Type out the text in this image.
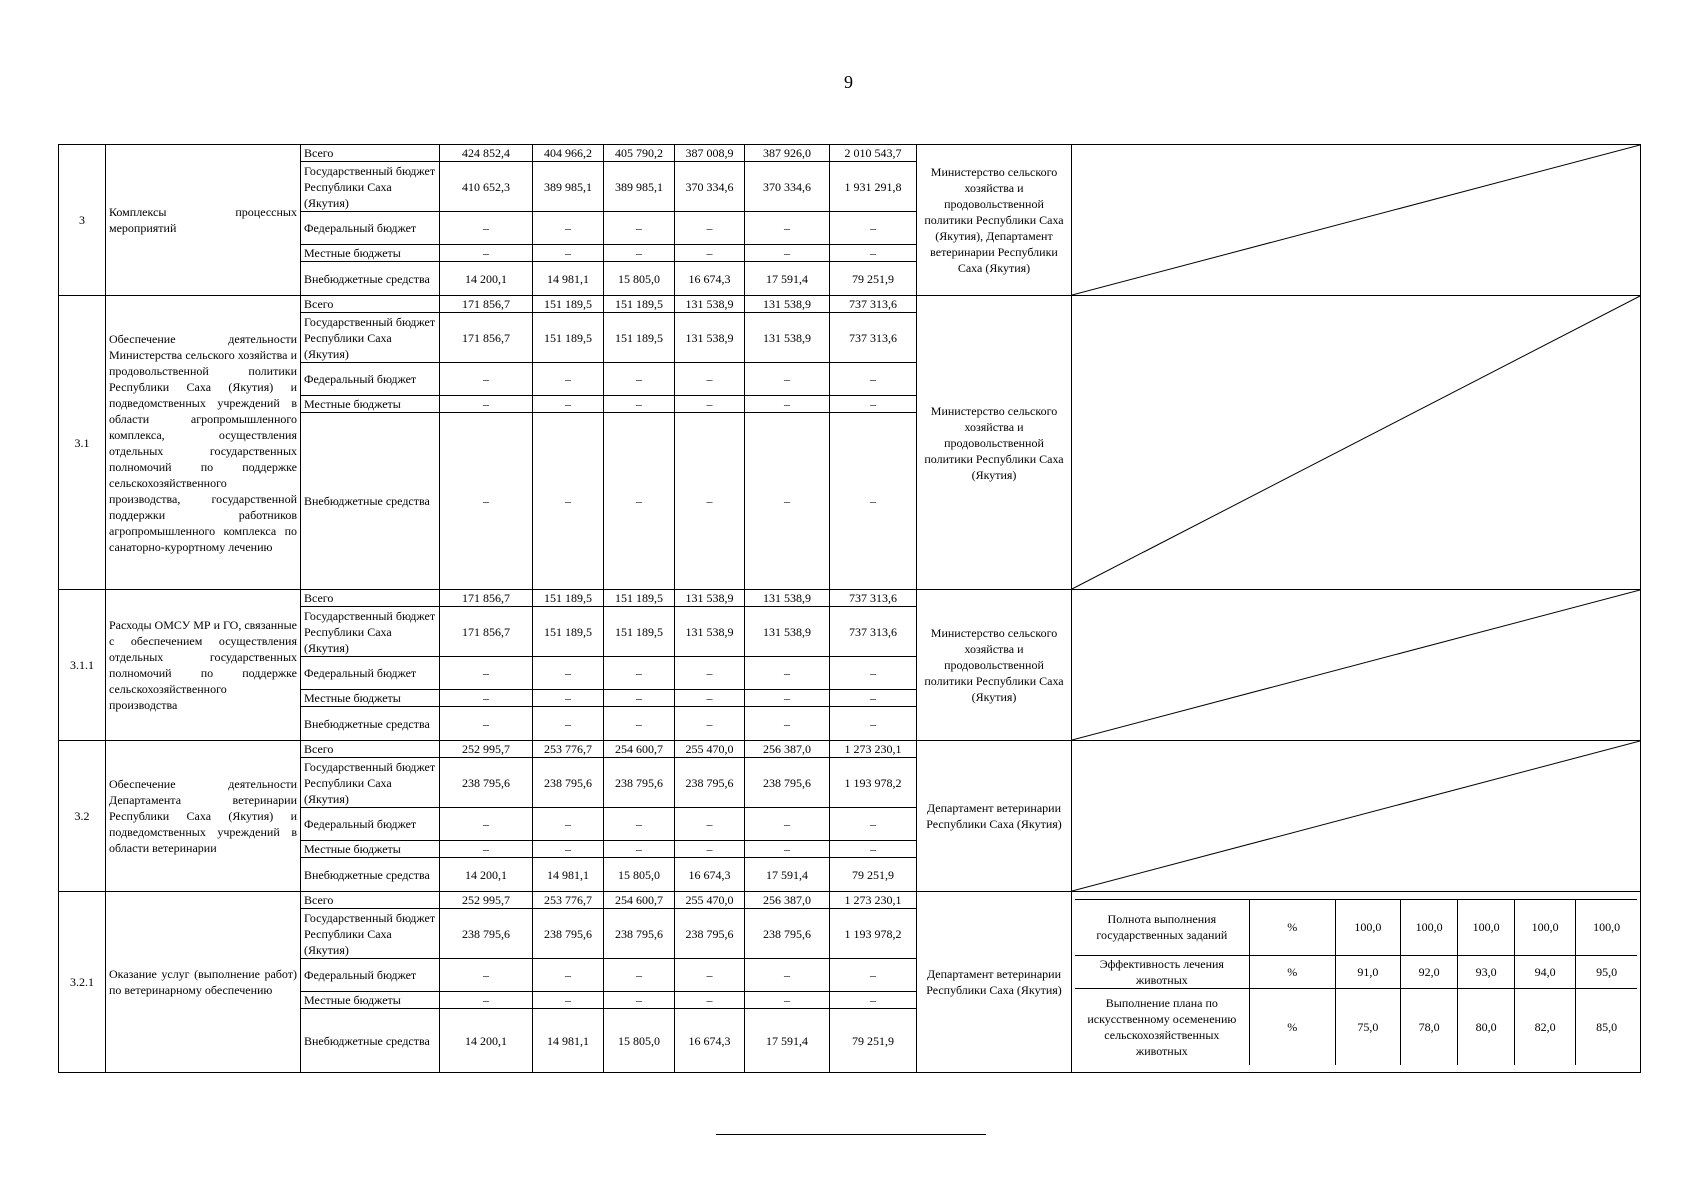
9
3	Комплексы процессных мероприятий	Всего	424 852,4	404 966,2	405 790,2	387 008,9	387 926,0	2 010 543,7	Министерство сельского хозяйства и продовольственной политики Республики Саха (Якутия), Департамент ветеринарии Республики Саха (Якутия)	

Государственный бюджет Республики Саха (Якутия)	410 652,3	389 985,1	389 985,1	370 334,6	370 334,6	1 931 291,8
Федеральный бюджет	–	–	–	–	–	–
Местные бюджеты	–	–	–	–	–	–
Внебюджетные средства	14 200,1	14 981,1	15 805,0	16 674,3	17 591,4	79 251,9
3.1	Обеспечение деятельности Министерства сельского хозяйства и продовольственной политики Республики Саха (Якутия) и подведомственных учреждений в области агропромышленного комплекса, осуществления отдельных государственных полномочий по поддержке сельскохозяйственного производства, государственной поддержки работников агропромышленного комплекса по санаторно-курортному лечению	Всего	171 856,7	151 189,5	151 189,5	131 538,9	131 538,9	737 313,6	Министерство сельского хозяйства и продовольственной политики Республики Саха (Якутия)	

Государственный бюджет Республики Саха (Якутия)	171 856,7	151 189,5	151 189,5	131 538,9	131 538,9	737 313,6
Федеральный бюджет	–	–	–	–	–	–
Местные бюджеты	–	–	–	–	–	–
Внебюджетные средства	–	–	–	–	–	–
3.1.1	Расходы ОМСУ МР и ГО, связанные с обеспечением осуществления отдельных государственных полномочий по поддержке сельскохозяйственного производства	Всего	171 856,7	151 189,5	151 189,5	131 538,9	131 538,9	737 313,6	Министерство сельского хозяйства и продовольственной политики Республики Саха (Якутия)	

Государственный бюджет Республики Саха (Якутия)	171 856,7	151 189,5	151 189,5	131 538,9	131 538,9	737 313,6
Федеральный бюджет	–	–	–	–	–	–
Местные бюджеты	–	–	–	–	–	–
Внебюджетные средства	–	–	–	–	–	–
3.2	Обеспечение деятельности Департамента ветеринарии Республики Саха (Якутия) и подведомственных учреждений в области ветеринарии	Всего	252 995,7	253 776,7	254 600,7	255 470,0	256 387,0	1 273 230,1	Департамент ветеринарии Республики Саха (Якутия)	

Государственный бюджет Республики Саха (Якутия)	238 795,6	238 795,6	238 795,6	238 795,6	238 795,6	1 193 978,2
Федеральный бюджет	–	–	–	–	–	–
Местные бюджеты	–	–	–	–	–	–
Внебюджетные средства	14 200,1	14 981,1	15 805,0	16 674,3	17 591,4	79 251,9
3.2.1	Оказание услуг (выполнение работ) по ветеринарному обеспечению	Всего	252 995,7	253 776,7	254 600,7	255 470,0	256 387,0	1 273 230,1	Департамент ветеринарии Республики Саха (Якутия)	
Полнота выполнения государственных заданий	%	100,0	100,0	100,0	100,0	100,0
Эффективность лечения животных	%	91,0	92,0	93,0	94,0	95,0
Выполнение плана по искусственному осеменению сельскохозяйственных животных	%	75,0	78,0	80,0	82,0	85,0

Государственный бюджет Республики Саха (Якутия)	238 795,6	238 795,6	238 795,6	238 795,6	238 795,6	1 193 978,2
Федеральный бюджет	–	–	–	–	–	–
Местные бюджеты	–	–	–	–	–	–
Внебюджетные средства	14 200,1	14 981,1	15 805,0	16 674,3	17 591,4	79 251,9
